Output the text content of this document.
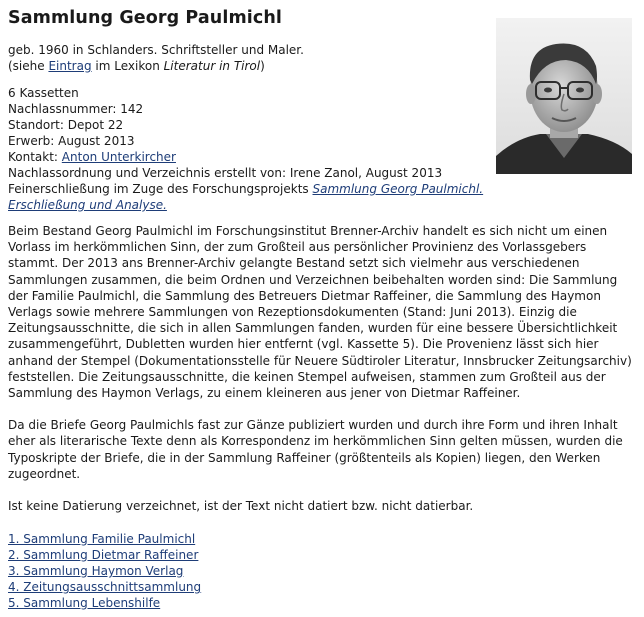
Sammlung Georg Paulmichl
geb. 1960 in Schlanders. Schriftsteller und Maler.
(siehe Eintrag im Lexikon Literatur in Tirol)
6 Kassetten
Nachlassnummer: 142
Standort: Depot 22
Erwerb: August 2013
Kontakt: Anton Unterkircher
Nachlassordnung und Verzeichnis erstellt von: Irene Zanol, August 2013
Feinerschließung im Zuge des Forschungsprojekts Sammlung Georg Paulmichl.
Erschließung und Analyse.

Beim Bestand Georg Paulmichl im Forschungsinstitut Brenner-Archiv handelt es sich nicht um einen Vorlass im herkömmlichen Sinn, der zum Großteil aus persönlicher Provinienz des Vorlassgebers stammt. Der 2013 ans Brenner-Archiv gelangte Bestand setzt sich vielmehr aus verschiedenen Sammlungen zusammen, die beim Ordnen und Verzeichnen beibehalten worden sind: Die Sammlung der Familie Paulmichl, die Sammlung des Betreuers Dietmar Raffeiner, die Sammlung des Haymon Verlags sowie mehrere Sammlungen von Rezeptionsdokumenten (Stand: Juni 2013). Einzig die Zeitungsausschnitte, die sich in allen Sammlungen fanden, wurden für eine bessere Übersichtlichkeit zusammengeführt, Dubletten wurden hier entfernt (vgl. Kassette 5). Die Provenienz lässt sich hier anhand der Stempel (Dokumentationsstelle für Neuere Südtiroler Literatur, Innsbrucker Zeitungsarchiv) feststellen. Die Zeitungsausschnitte, die keinen Stempel aufweisen, stammen zum Großteil aus der Sammlung des Haymon Verlags, zu einem kleineren aus jener von Dietmar Raffeiner.

Da die Briefe Georg Paulmichls fast zur Gänze publiziert wurden und durch ihre Form und ihren Inhalt eher als literarische Texte denn als Korrespondenz im herkömmlichen Sinn gelten müssen, wurden die Typoskripte der Briefe, die in der Sammlung Raffeiner (größtenteils als Kopien) liegen, den Werken zugeordnet.

Ist keine Datierung verzeichnet, ist der Text nicht datiert bzw. nicht datierbar.

1. Sammlung Familie Paulmichl
2. Sammlung Dietmar Raffeiner
3. Sammlung Haymon Verlag
4. Zeitungsausschnittsammlung
5. Sammlung Lebenshilfe
